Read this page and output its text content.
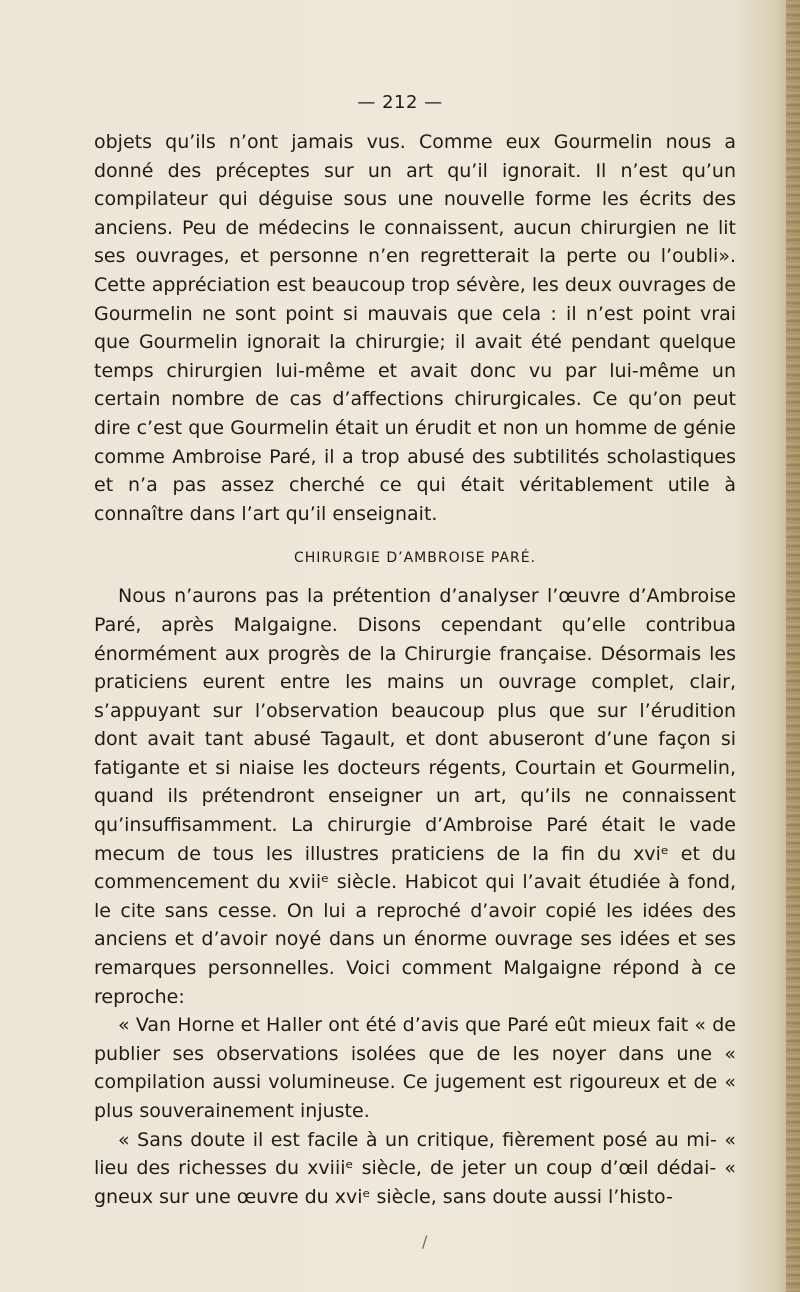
— 212 —

objets qu’ils n’ont jamais vus. Comme eux Gourmelin nous a donné des préceptes sur un art qu’il ignorait. Il n’est qu’un compilateur qui déguise sous une nouvelle forme les écrits des anciens. Peu de médecins le connaissent, aucun chirurgien ne lit ses ouvrages, et personne n’en regretterait la perte ou l’oubli». Cette appréciation est beaucoup trop sévère, les deux ouvrages de Gourmelin ne sont point si mauvais que cela : il n’est point vrai que Gourmelin ignorait la chirurgie; il avait été pendant quelque temps chirurgien lui-même et avait donc vu par lui-même un certain nombre de cas d’affections chirurgicales. Ce qu’on peut dire c’est que Gourmelin était un érudit et non un homme de génie comme Ambroise Paré, il a trop abusé des subtilités scholastiques et n’a pas assez cherché ce qui était véritablement utile à connaître dans l’art qu’il enseignait.

CHIRURGIE D’AMBROISE PARÉ.

Nous n’aurons pas la prétention d’analyser l’œuvre d’Ambroise Paré, après Malgaigne. Disons cependant qu’elle contribua énormément aux progrès de la Chirurgie française. Désormais les praticiens eurent entre les mains un ouvrage complet, clair, s’appuyant sur l’observation beaucoup plus que sur l’érudition dont avait tant abusé Tagault, et dont abuseront d’une façon si fatigante et si niaise les docteurs régents, Courtain et Gourmelin, quand ils prétendront enseigner un art, qu’ils ne connaissent qu’insuffisamment. La chirurgie d’Ambroise Paré était le vade mecum de tous les illustres praticiens de la fin du xviᵉ et du commencement du xviiᵉ siècle. Habicot qui l’avait étudiée à fond, le cite sans cesse. On lui a reproché d’avoir copié les idées des anciens et d’avoir noyé dans un énorme ouvrage ses idées et ses remarques personnelles. Voici comment Malgaigne répond à ce reproche:

« Van Horne et Haller ont été d’avis que Paré eût mieux fait « de publier ses observations isolées que de les noyer dans une « compilation aussi volumineuse. Ce jugement est rigoureux et de « plus souverainement injuste.

« Sans doute il est facile à un critique, fièrement posé au mi- « lieu des richesses du xviiiᵉ siècle, de jeter un coup d’œil dédai- « gneux sur une œuvre du xviᵉ siècle, sans doute aussi l’histo-

/
